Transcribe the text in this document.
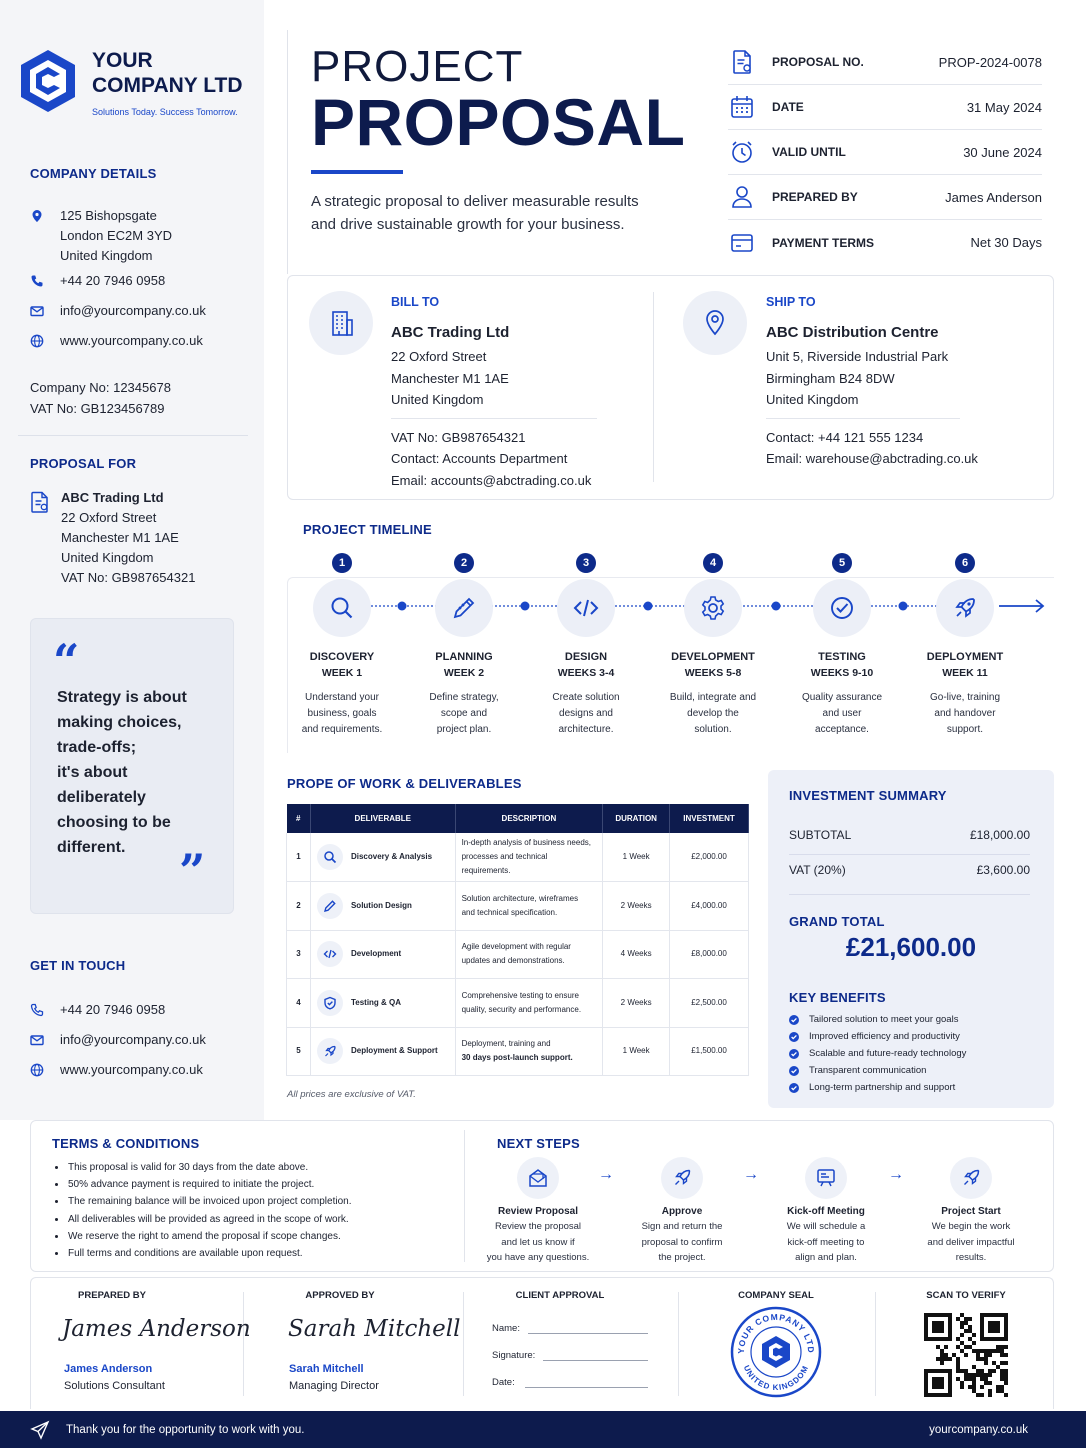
YOUR
COMPANY LTD
Solutions Today. Success Tomorrow.
COMPANY DETAILS
125 Bishopsgate
London EC2M 3YD
United Kingdom
+44 20 7946 0958
info@yourcompany.co.uk
www.yourcompany.co.uk
Company No: 12345678
VAT No: GB123456789
PROPOSAL FOR
ABC Trading Ltd
22 Oxford Street
Manchester M1 1AE
United Kingdom
VAT No: GB987654321
“
Strategy is about
making choices,
trade-offs;
it's about
deliberately
choosing to be
different.	”
GET IN TOUCH
+44 20 7946 0958
info@yourcompany.co.uk
www.yourcompany.co.uk
PROJECT
PROPOSAL
A strategic proposal to deliver measurable results
and drive sustainable growth for your business.
PROPOSAL NO.	PROP-2024-0078
DATE	31 May 2024
VALID UNTIL	30 June 2024
PREPARED BY	James Anderson
PAYMENT TERMS	Net 30 Days
BILL TO
ABC Trading Ltd
22 Oxford Street
Manchester M1 1AE
United Kingdom
VAT No: GB987654321
Contact: Accounts Department
Email: accounts@abctrading.co.uk
SHIP TO
ABC Distribution Centre
Unit 5, Riverside Industrial Park
Birmingham B24 8DW
United Kingdom
Contact: +44 121 555 1234
Email: warehouse@abctrading.co.uk
PROJECT TIMELINE
1
DISCOVERY
WEEK 1
Understand your
business, goals
and requirements.
2
PLANNING
WEEK 2
Define strategy,
scope and
project plan.
3
DESIGN
WEEKS 3-4
Create solution
designs and
architecture.
4
DEVELOPMENT
WEEKS 5-8
Build, integrate and
develop the
solution.
5
TESTING
WEEKS 9-10
Quality assurance
and user
acceptance.
6
DEPLOYMENT
WEEK 11
Go-live, training
and handover
support.
PROPE OF WORK & DELIVERABLES
#	DELIVERABLE	DESCRIPTION	DURATION	INVESTMENT
1	Discovery & Analysis	In-depth analysis of business needs,
processes and technical requirements.	1 Week	£2,000.00
2	Solution Design	Solution architecture, wireframes
and technical specification.	2 Weeks	£4,000.00
3	Development	Agile development with regular
updates and demonstrations.	4 Weeks	£8,000.00
4	Testing & QA	Comprehensive testing to ensure
quality, security and performance.	2 Weeks	£2,500.00
5	Deployment & Support	Deployment, training and
30 days post-launch support.	1 Week	£1,500.00
All prices are exclusive of VAT.
INVESTMENT SUMMARY
SUBTOTAL	£18,000.00
VAT (20%)	£3,600.00
GRAND TOTAL
£21,600.00
KEY BENEFITS
Tailored solution to meet your goals
Improved efficiency and productivity
Scalable and future-ready technology
Transparent communication
Long-term partnership and support
TERMS & CONDITIONS
This proposal is valid for 30 days from the date above.
50% advance payment is required to initiate the project.
The remaining balance will be invoiced upon project completion.
All deliverables will be provided as agreed in the scope of work.
We reserve the right to amend the proposal if scope changes.
Full terms and conditions are available upon request.
NEXT STEPS
Review Proposal
Review the proposal
and let us know if
you have any questions.
→
Approve
Sign and return the
proposal to confirm
the project.
→
Kick-off Meeting
We will schedule a
kick-off meeting to
align and plan.
→
Project Start
We begin the work
and deliver impactful
results.
PREPARED BY
James Anderson
James Anderson
Solutions Consultant
APPROVED BY
Sarah Mitchell
Sarah Mitchell
Managing Director
CLIENT APPROVAL
Name:
Signature:
Date:
COMPANY SEAL
YOUR COMPANY LTD
UNITED KINGDOM
SCAN TO VERIFY
Thank you for the opportunity to work with you.	yourcompany.co.uk
